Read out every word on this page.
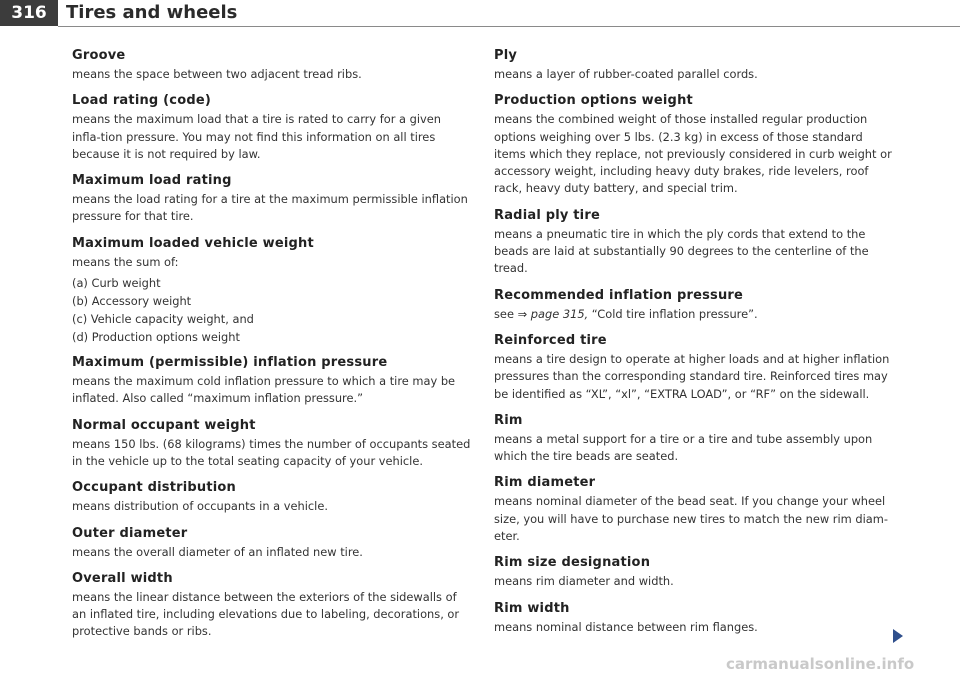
316	Tires and wheels
Groove
means the space between two adjacent tread ribs.
Load rating (code)
means the maximum load that a tire is rated to carry for a given infla-tion pressure. You may not find this information on all tires because it is not required by law.
Maximum load rating
means the load rating for a tire at the maximum permissible inflation pressure for that tire.
Maximum loaded vehicle weight
means the sum of:
(a) Curb weight
(b) Accessory weight
(c) Vehicle capacity weight, and
(d) Production options weight
Maximum (permissible) inflation pressure
means the maximum cold inflation pressure to which a tire may be inflated. Also called “maximum inflation pressure.”
Normal occupant weight
means 150 lbs. (68 kilograms) times the number of occupants seated in the vehicle up to the total seating capacity of your vehicle.
Occupant distribution
means distribution of occupants in a vehicle.
Outer diameter
means the overall diameter of an inflated new tire.
Overall width
means the linear distance between the exteriors of the sidewalls of an inflated tire, including elevations due to labeling, decorations, or protective bands or ribs.
Ply
means a layer of rubber-coated parallel cords.
Production options weight
means the combined weight of those installed regular production options weighing over 5 lbs. (2.3 kg) in excess of those standard items which they replace, not previously considered in curb weight or accessory weight, including heavy duty brakes, ride levelers, roof rack, heavy duty battery, and special trim.
Radial ply tire
means a pneumatic tire in which the ply cords that extend to the beads are laid at substantially 90 degrees to the centerline of the tread.
Recommended inflation pressure
see ⇒ page 315, “Cold tire inflation pressure”.
Reinforced tire
means a tire design to operate at higher loads and at higher inflation pressures than the corresponding standard tire. Reinforced tires may be identified as “XL”, “xl”, “EXTRA LOAD”, or “RF” on the sidewall.
Rim
means a metal support for a tire or a tire and tube assembly upon which the tire beads are seated.
Rim diameter
means nominal diameter of the bead seat. If you change your wheel size, you will have to purchase new tires to match the new rim diam-eter.
Rim size designation
means rim diameter and width.
Rim width
means nominal distance between rim flanges.
carmanualsonline.info
